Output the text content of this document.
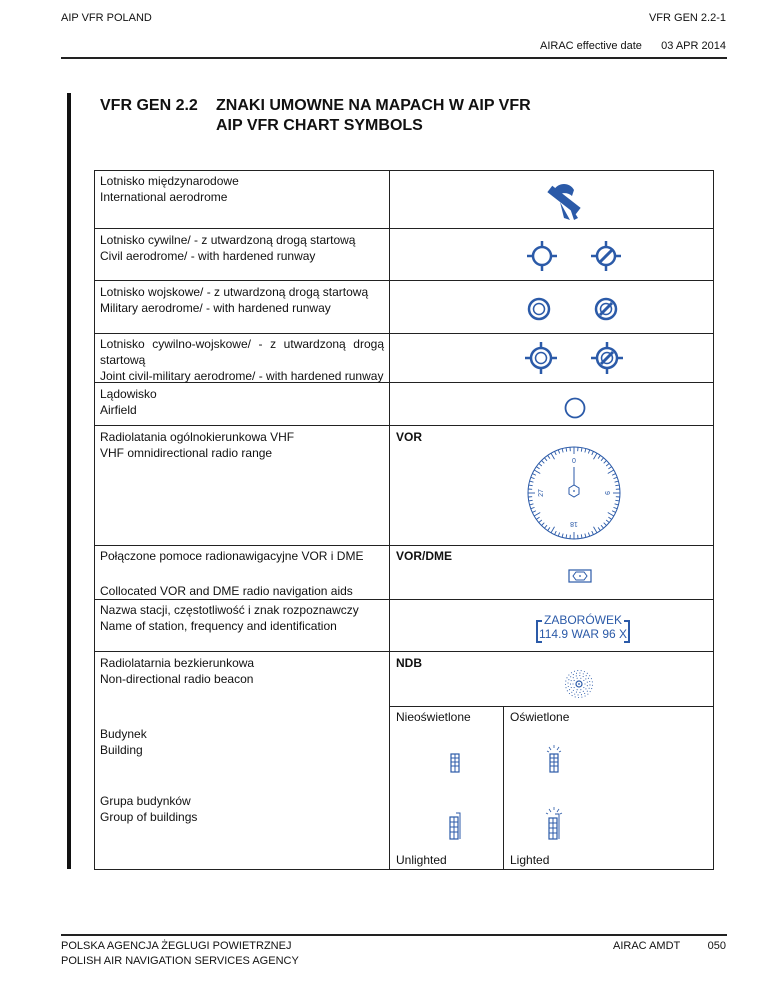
AIP VFR POLAND	VFR GEN 2.2-1
AIRAC effective date 03 APR 2014
VFR GEN 2.2 ZNAKI UMOWNE NA MAPACH W AIP VFR
AIP VFR CHART SYMBOLS
Lotnisko międzynarodowe
International aerodrome
Lotnisko cywilne/ - z utwardzoną drogą startową
Civil aerodrome/ - with hardened runway
Lotnisko wojskowe/ - z utwardzoną drogą startową
Military aerodrome/ - with hardened runway
Lotnisko cywilno-wojskowe/ - z utwardzoną drogą
startową
Joint civil-military aerodrome/ - with hardened runway
Lądowisko
Airfield
Radiolatania ogólnokierunkowa VHF
VHF omnidirectional radio range
VOR
0
9
18
27
Połączone pomoce radionawigacyjne VOR i DME
Collocated VOR and DME radio navigation aids
VOR/DME
Nazwa stacji, częstotliwość i znak rozpoznawczy
Name of station, frequency and identification	ZABORÓWEK
114.9 WAR 96 X
Radiolatarnia bezkierunkowa
Non-directional radio beacon
NDB
Nieoświetlone	Oświetlone
Budynek
Building
Grupa budynków
Group of buildings
Unlighted	Lighted
POLSKA AGENCJA ŻEGLUGI POWIETRZNEJ
POLISH AIR NAVIGATION SERVICES AGENCY
AIRAC AMDT 050
